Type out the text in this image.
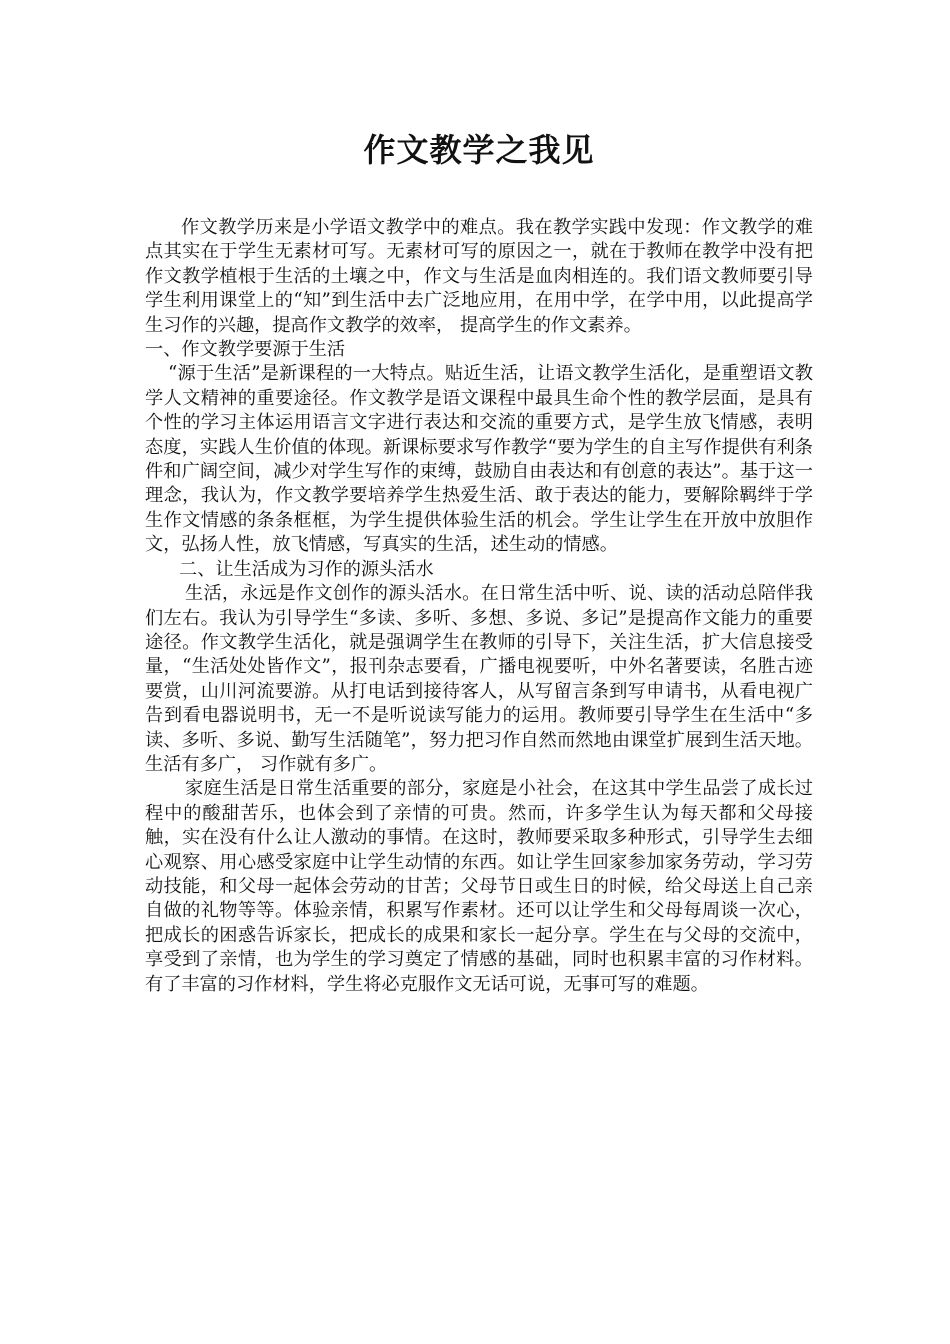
作文教学之我见

作文教学历来是小学语文教学中的难点。我在教学实践中发现：作文教学的难点其实在于学生无素材可写。无素材可写的原因之一，就在于教师在教学中没有把作文教学植根于生活的土壤之中，作文与生活是血肉相连的。我们语文教师要引导学生利用课堂上的“知”到生活中去广泛地应用，在用中学，在学中用，以此提高学生习作的兴趣，提高作文教学的效率， 提高学生的作文素养。

一、作文教学要源于生活

“源于生活”是新课程的一大特点。贴近生活，让语文教学生活化，是重塑语文教学人文精神的重要途径。作文教学是语文课程中最具生命个性的教学层面，是具有个性的学习主体运用语言文字进行表达和交流的重要方式，是学生放飞情感，表明态度，实践人生价值的体现。新课标要求写作教学“要为学生的自主写作提供有利条件和广阔空间，减少对学生写作的束缚，鼓励自由表达和有创意的表达”。基于这一理念，我认为，作文教学要培养学生热爱生活、敢于表达的能力，要解除羁绊于学生作文情感的条条框框，为学生提供体验生活的机会。学生让学生在开放中放胆作文，弘扬人性，放飞情感，写真实的生活，述生动的情感。

二、让生活成为习作的源头活水

生活，永远是作文创作的源头活水。在日常生活中听、说、读的活动总陪伴我们左右。我认为引导学生“多读、多听、多想、多说、多记”是提高作文能力的重要途径。作文教学生活化，就是强调学生在教师的引导下，关注生活，扩大信息接受量，“生活处处皆作文”，报刊杂志要看，广播电视要听，中外名著要读，名胜古迹要赏，山川河流要游。从打电话到接待客人，从写留言条到写申请书，从看电视广告到看电器说明书，无一不是听说读写能力的运用。教师要引导学生在生活中“多读、多听、多说、勤写生活随笔”，努力把习作自然而然地由课堂扩展到生活天地。生活有多广， 习作就有多广。

家庭生活是日常生活重要的部分，家庭是小社会，在这其中学生品尝了成长过程中的酸甜苦乐，也体会到了亲情的可贵。然而，许多学生认为每天都和父母接触，实在没有什么让人激动的事情。在这时，教师要采取多种形式，引导学生去细心观察、用心感受家庭中让学生动情的东西。如让学生回家参加家务劳动，学习劳动技能，和父母一起体会劳动的甘苦；父母节日或生日的时候，给父母送上自己亲自做的礼物等等。体验亲情，积累写作素材。还可以让学生和父母每周谈一次心，把成长的困惑告诉家长，把成长的成果和家长一起分享。学生在与父母的交流中，享受到了亲情，也为学生的学习奠定了情感的基础，同时也积累丰富的习作材料。有了丰富的习作材料，学生将必克服作文无话可说，无事可写的难题。
